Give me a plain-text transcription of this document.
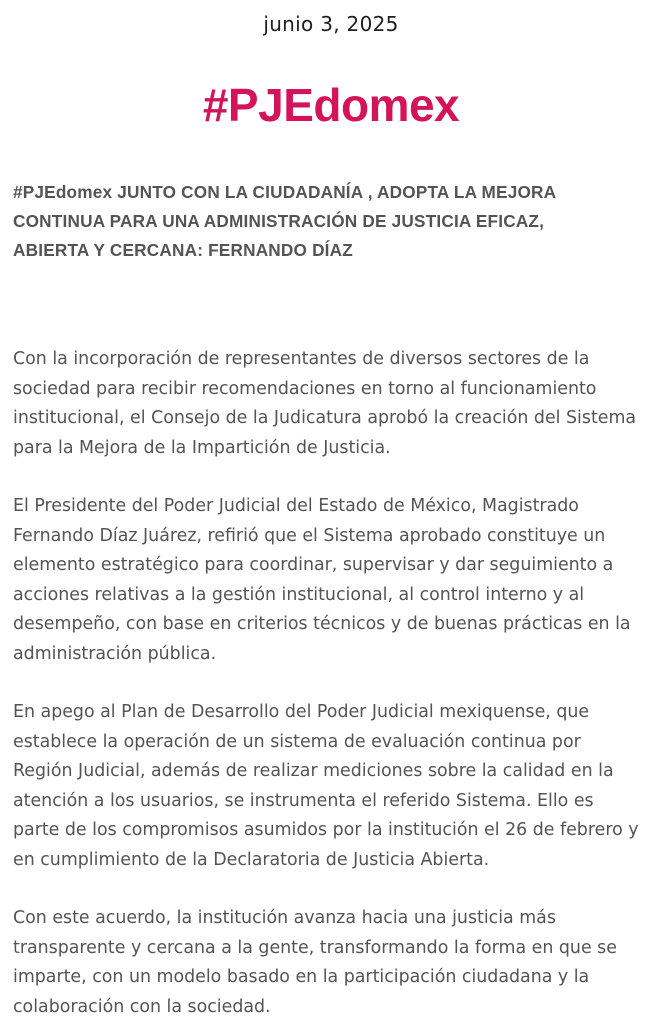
junio 3, 2025
#PJEdomex
#PJEdomex JUNTO CON LA CIUDADANÍA , ADOPTA LA MEJORA CONTINUA PARA UNA ADMINISTRACIÓN DE JUSTICIA EFICAZ, ABIERTA Y CERCANA: FERNANDO DÍAZ

Con la incorporación de representantes de diversos sectores de la sociedad para recibir recomendaciones en torno al funcionamiento institucional, el Consejo de la Judicatura aprobó la creación del Sistema para la Mejora de la Impartición de Justicia.

El Presidente del Poder Judicial del Estado de México, Magistrado Fernando Díaz Juárez, refirió que el Sistema aprobado constituye un elemento estratégico para coordinar, supervisar y dar seguimiento a acciones relativas a la gestión institucional, al control interno y al desempeño, con base en criterios técnicos y de buenas prácticas en la administración pública.

En apego al Plan de Desarrollo del Poder Judicial mexiquense, que establece la operación de un sistema de evaluación continua por Región Judicial, además de realizar mediciones sobre la calidad en la atención a los usuarios, se instrumenta el referido Sistema. Ello es parte de los compromisos asumidos por la institución el 26 de febrero y en cumplimiento de la Declaratoria de Justicia Abierta.

Con este acuerdo, la institución avanza hacia una justicia más transparente y cercana a la gente, transformando la forma en que se imparte, con un modelo basado en la participación ciudadana y la colaboración con la sociedad.
